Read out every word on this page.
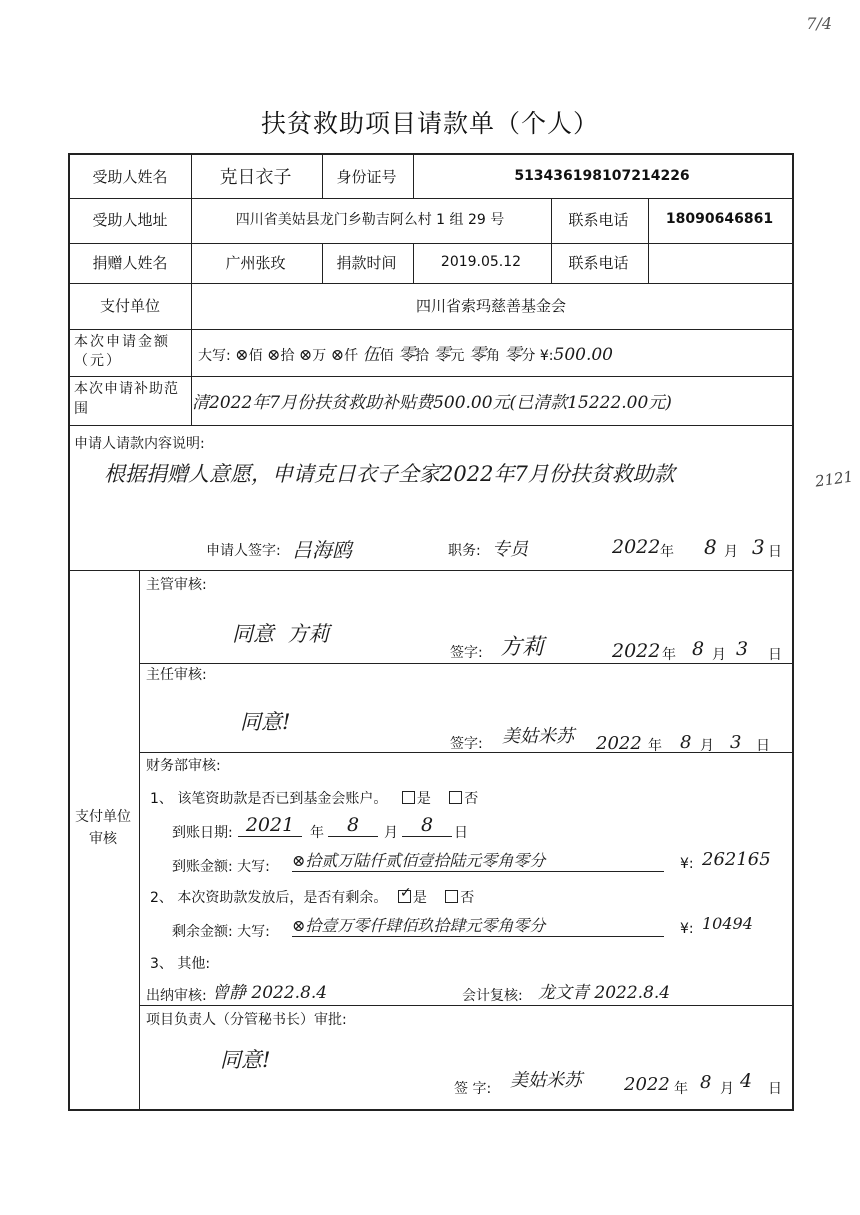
7/4
扶贫救助项目请款单（个人）
2121
受助人姓名	克日衣子	身份证号	513436198107214226
受助人地址	四川省美姑县龙门乡勒吉阿么村 1 组 29 号	联系电话	18090646861
捐赠人姓名	广州张玫	捐款时间	2019.05.12	联系电话
支付单位	四川省索玛慈善基金会
本次申请金额（元）	大写: ⊗佰 ⊗拾 ⊗万 ⊗仟 伍佰 零拾 零元 零角 零分 ¥:500.00
本次申请补助范围	清2022年7月份扶贫救助补贴费500.00元(已清款15222.00元)
申请人请款内容说明:
根据捐赠人意愿，申请克日衣子全家2022年7月份扶贫救助款
申请人签字: 吕海鸥	职务: 专员	2022 年 8 月 3 日
支付单位审核
主管审核:
同意  方莉
签字: 方莉	2022 年 8 月 3 日
主任审核:
同意!
签字: 美姑米苏 2022 年 8 月 3 日
财务部审核:
1、 该笔资助款是否已到基金会账户。 是 否
到账日期: 2021	年	8	月	8	日
到账金额: 大写: ⊗拾贰万陆仟贰佰壹拾陆元零角零分	¥: 262165
2、 本次资助款发放后，是否有剩余。 ✓ 是 否
剩余金额: 大写: ⊗拾壹万零仟肆佰玖拾肆元零角零分	¥: 10494
3、 其他:
出纳审核: 曾静 2022.8.4	会计复核: 龙文青 2022.8.4
项目负责人（分管秘书长）审批:
同意!
签 字: 美姑米苏 2022 年 8 月 4 日
